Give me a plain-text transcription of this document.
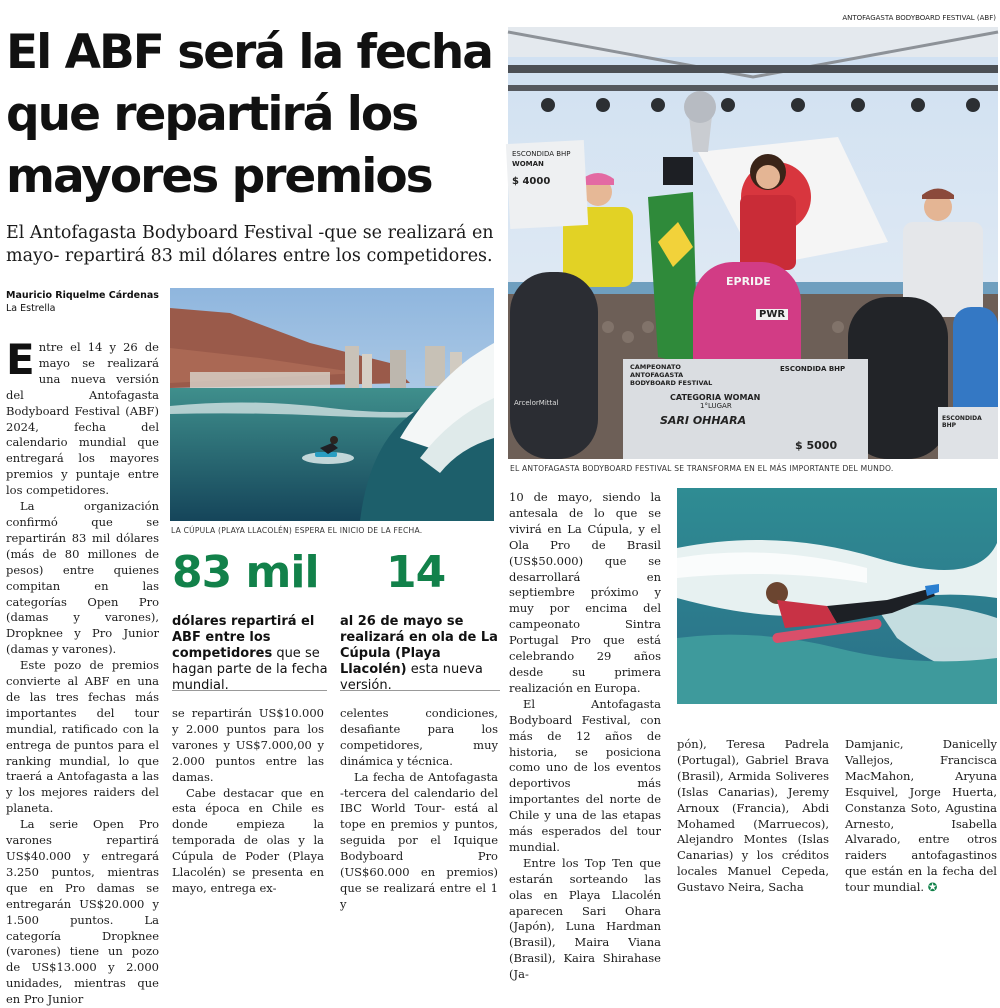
El ABF será la fecha que repartirá los mayores premios
El Antofagasta Bodyboard Festival -que se realizará en mayo- repartirá 83 mil dólares entre los competidores.
Mauricio Riquelme Cárdenas
La Estrella

Entre el 14 y 26 de mayo se realizará una nueva versión del Antofagasta Bodyboard Festival (ABF) 2024, fecha del calendario mundial que entregará los mayores premios y puntaje entre los competidores.

La organización confirmó que se repartirán 83 mil dólares (más de 80 millones de pesos) entre quienes compitan en las categorías Open Pro (damas y varones), Dropknee y Pro Junior (damas y varones).

Este pozo de premios convierte al ABF en una de las tres fechas más importantes del tour mundial, ratificado con la entrega de puntos para el ranking mundial, lo que traerá a Antofagasta a las y los mejores raiders del planeta.

La serie Open Pro varones repartirá US$40.000 y entregará 3.250 puntos, mientras que en Pro damas se entregarán US$20.000 y 1.500 puntos. La categoría Dropknee (varones) tiene un pozo de US$13.000 y 2.000 unidades, mientras que en Pro Junior

LA CÚPULA (PLAYA LLACOLÉN) ESPERA EL INICIO DE LA FECHA.
83 mil 14
dólares repartirá el ABF entre los competidores que se hagan parte de la fecha mundial.
al 26 de mayo se realizará en ola de La Cúpula (Playa Llacolén) esta nueva versión.

se repartirán US$10.000 y 2.000 puntos para los varones y US$7.000,00 y 2.000 puntos entre las damas.

Cabe destacar que en esta época en Chile es donde empieza la temporada de olas y la Cúpula de Poder (Playa Llacolén) se presenta en mayo, entrega ex-

celentes condiciones, desafiante para los competidores, muy dinámica y técnica.

La fecha de Antofagasta -tercera del calendario del IBC World Tour- está al tope en premios y puntos, seguida por el Iquique Bodyboard Pro (US$60.000 en premios) que se realizará entre el 1 y

ESCONDIDA BHP
WOMAN
$ 4000
EPRIDE
PWR
ArcelorMittal
CAMPEONATO ANTOFAGASTA BODYBOARD FESTIVAL
ESCONDIDA BHP
CATEGORIA WOMAN
1°LUGAR
SARI OHHARA
$ 5000
ESCONDIDA BHP
ANTOFAGASTA BODYBOARD FESTIVAL (ABF)
EL ANTOFAGASTA BODYBOARD FESTIVAL SE TRANSFORMA EN EL MÁS IMPORTANTE DEL MUNDO.

10 de mayo, siendo la antesala de lo que se vivirá en La Cúpula, y el Ola Pro de Brasil (US$50.000) que se desarrollará en septiembre próximo y muy por encima del campeonato Sintra Portugal Pro que está celebrando 29 años desde su primera realización en Europa.

El Antofagasta Bodyboard Festival, con más de 12 años de historia, se posiciona como uno de los eventos deportivos más importantes del norte de Chile y una de las etapas más esperados del tour mundial.

Entre los Top Ten que estarán sorteando las olas en Playa Llacolén aparecen Sari Ohara (Japón), Luna Hardman (Brasil), Maira Viana (Brasil), Kaira Shirahase (Ja-

pón), Teresa Padrela (Portugal), Gabriel Brava (Brasil), Armida Soliveres (Islas Canarias), Jeremy Arnoux (Francia), Abdi Mohamed (Marruecos), Alejandro Montes (Islas Canarias) y los créditos locales Manuel Cepeda, Gustavo Neira, Sacha

Damjanic, Danicelly Vallejos, Francisca MacMahon, Aryuna Esquivel, Jorge Huerta, Constanza Soto, Agustina Arnesto, Isabella Alvarado, entre otros raiders antofagastinos que están en la fecha del tour mundial. ✪
